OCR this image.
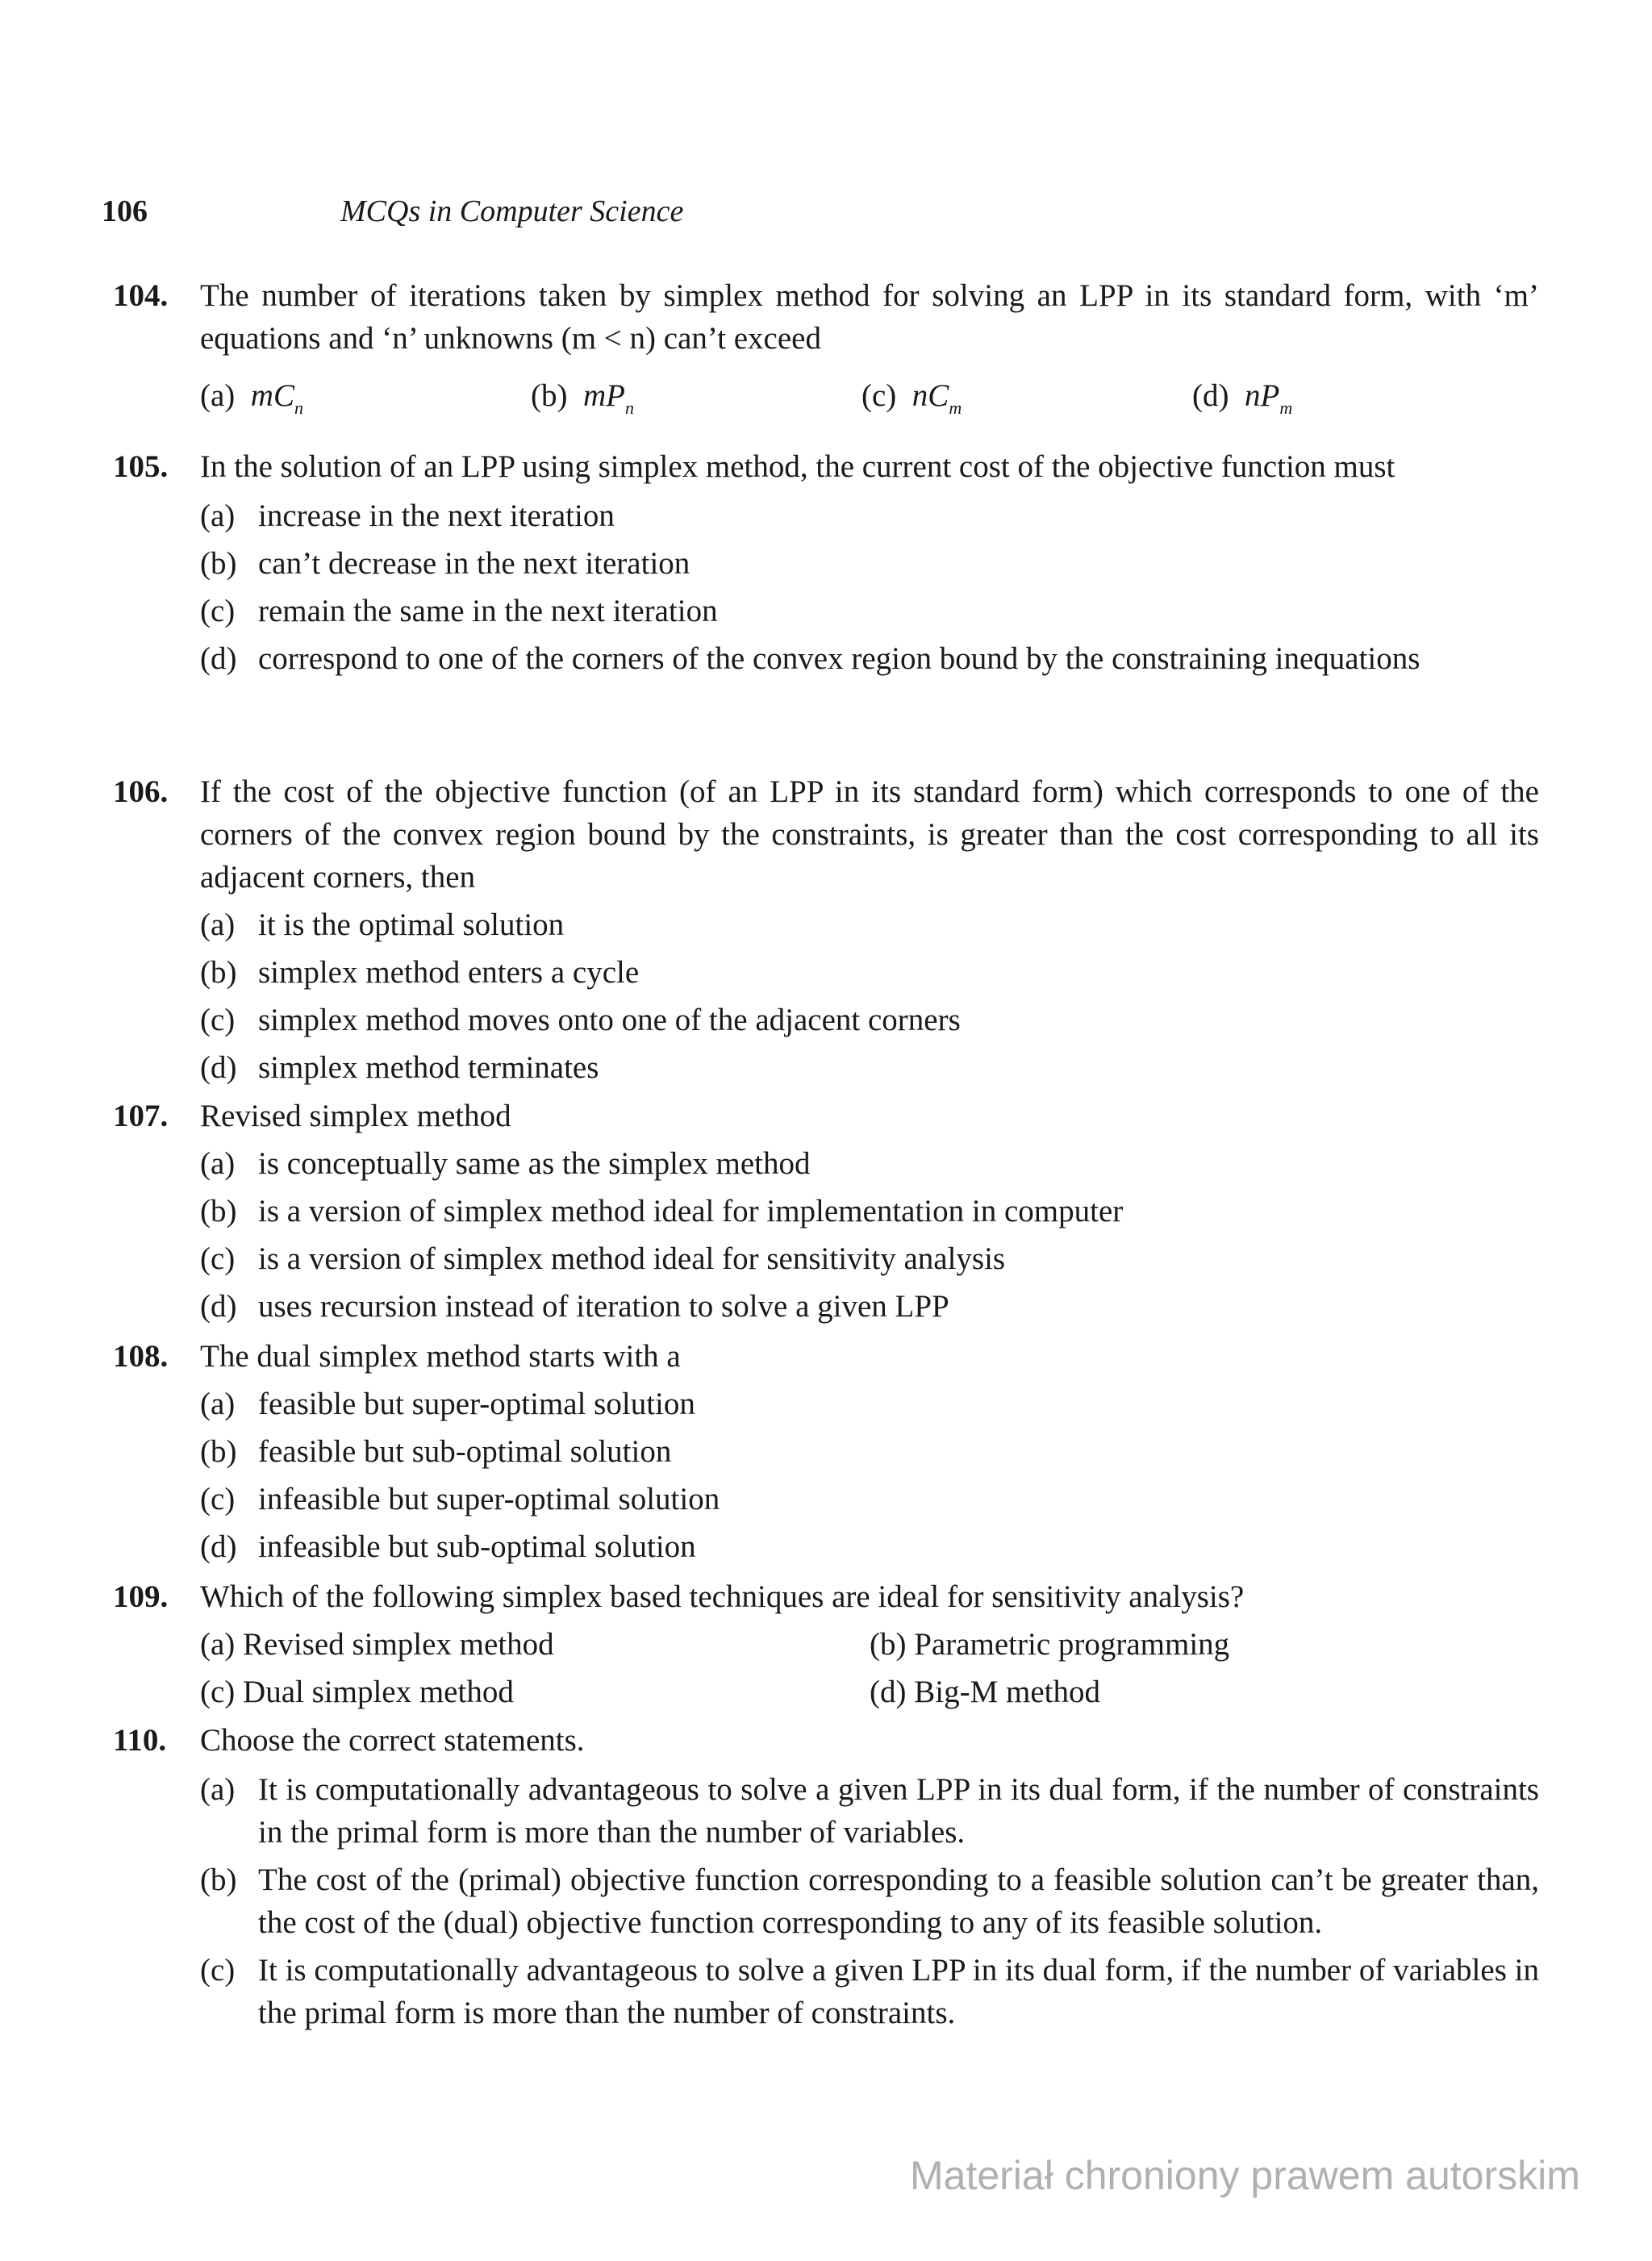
106	MCQs in Computer Science
104. The number of iterations taken by simplex method for solving an LPP in its standard form, with ‘m’ equations and ‘n’ unknowns (m < n) can’t exceed
(a) $mC_n$	(b) $mP_n$	(c) $nC_m$	(d) $nP_m$
105. In the solution of an LPP using simplex method, the current cost of the objective function must
(a) increase in the next iteration
(b) can’t decrease in the next iteration
(c) remain the same in the next iteration
(d) correspond to one of the corners of the convex region bound by the constraining inequations
106. If the cost of the objective function (of an LPP in its standard form) which corresponds to one of the corners of the convex region bound by the constraints, is greater than the cost corresponding to all its adjacent corners, then
(a) it is the optimal solution
(b) simplex method enters a cycle
(c) simplex method moves onto one of the adjacent corners
(d) simplex method terminates
107. Revised simplex method
(a) is conceptually same as the simplex method
(b) is a version of simplex method ideal for implementation in computer
(c) is a version of simplex method ideal for sensitivity analysis
(d) uses recursion instead of iteration to solve a given LPP
108. The dual simplex method starts with a
(a) feasible but super-optimal solution
(b) feasible but sub-optimal solution
(c) infeasible but super-optimal solution
(d) infeasible but sub-optimal solution
109. Which of the following simplex based techniques are ideal for sensitivity analysis?
(a) Revised simplex method	(b) Parametric programming
(c) Dual simplex method	(d) Big-M method
110. Choose the correct statements.
(a) It is computationally advantageous to solve a given LPP in its dual form, if the number of constraints in the primal form is more than the number of variables.
(b) The cost of the (primal) objective function corresponding to a feasible solution can’t be greater than, the cost of the (dual) objective function corresponding to any of its feasible solution.
(c) It is computationally advantageous to solve a given LPP in its dual form, if the number of variables in the primal form is more than the number of constraints.
Materiał chroniony prawem autorskim
